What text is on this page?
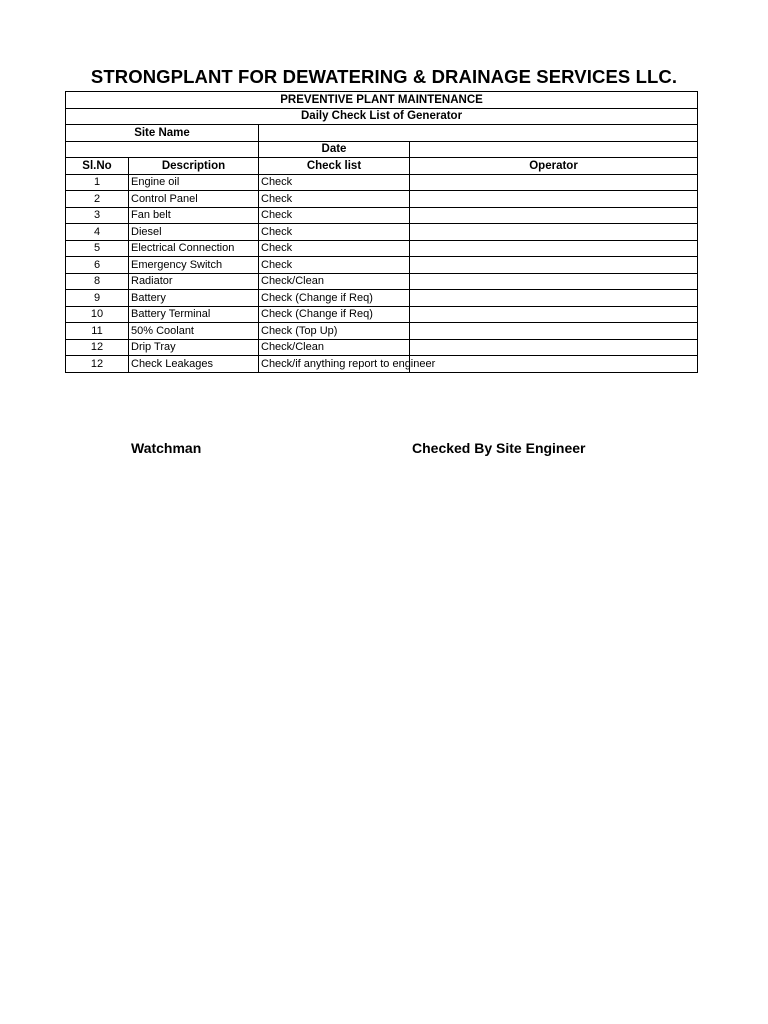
STRONGPLANT FOR DEWATERING & DRAINAGE SERVICES LLC.
PREVENTIVE PLANT MAINTENANCE			
Daily Check List of Generator			
Site Name			
		Date	
Sl.No	Description	Check list	Operator
1	Engine oil	Check	
2	Control Panel	Check	
3	Fan belt	Check	
4	Diesel	Check	
5	Electrical Connection	Check	
6	Emergency Switch	Check	
8	Radiator	Check/Clean	
9	Battery	Check (Change if Req)	
10	Battery Terminal	Check (Change if Req)	
11	50% Coolant	Check (Top Up)	
12	Drip Tray	Check/Clean	
12	Check Leakages	Check/if anything report to engineer	
Watchman	Checked By Site Engineer
